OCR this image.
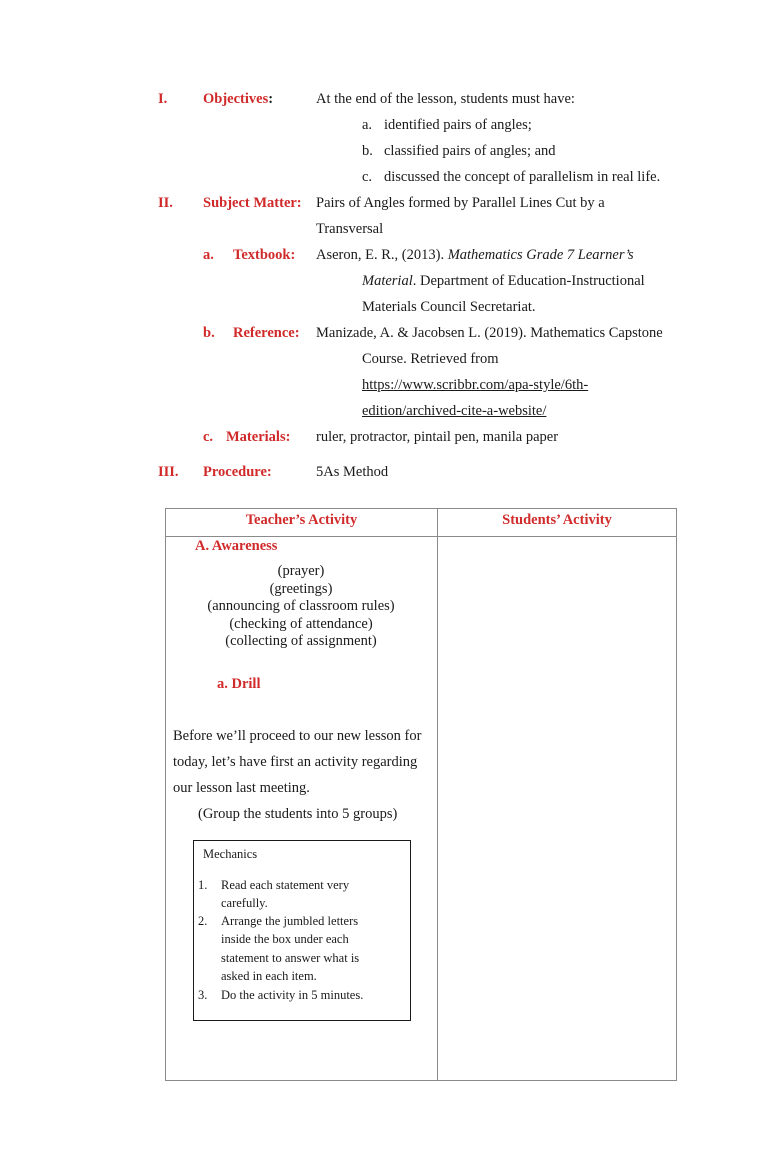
I. Objectives:	At the end of the lesson, students must have:
a. identified pairs of angles;
b. classified pairs of angles; and
c. discussed the concept of parallelism in real life.
II. Subject Matter: Pairs of Angles formed by Parallel Lines Cut by a
Transversal
a. Textbook: Aseron, E. R., (2013). Mathematics Grade 7 Learner’s
Material. Department of Education-Instructional
Materials Council Secretariat.
b. Reference: Manizade, A. & Jacobsen L. (2019). Mathematics Capstone
Course. Retrieved from
https://www.scribbr.com/apa-style/6th-
edition/archived-cite-a-website/
c. Materials: ruler, protractor, pintail pen, manila paper
III. Procedure:	5As Method
Teacher’s Activity	Students’ Activity
A. Awareness
(prayer)
(greetings)
(announcing of classroom rules)
(checking of attendance)
(collecting of assignment)
a. Drill
Before we’ll proceed to our new lesson for
today, let’s have first an activity regarding
our lesson last meeting.
(Group the students into 5 groups)
Mechanics
1. Read each statement very carefully.
2. Arrange the jumbled letters inside the box under each statement to answer what is asked in each item.
3. Do the activity in 5 minutes.
